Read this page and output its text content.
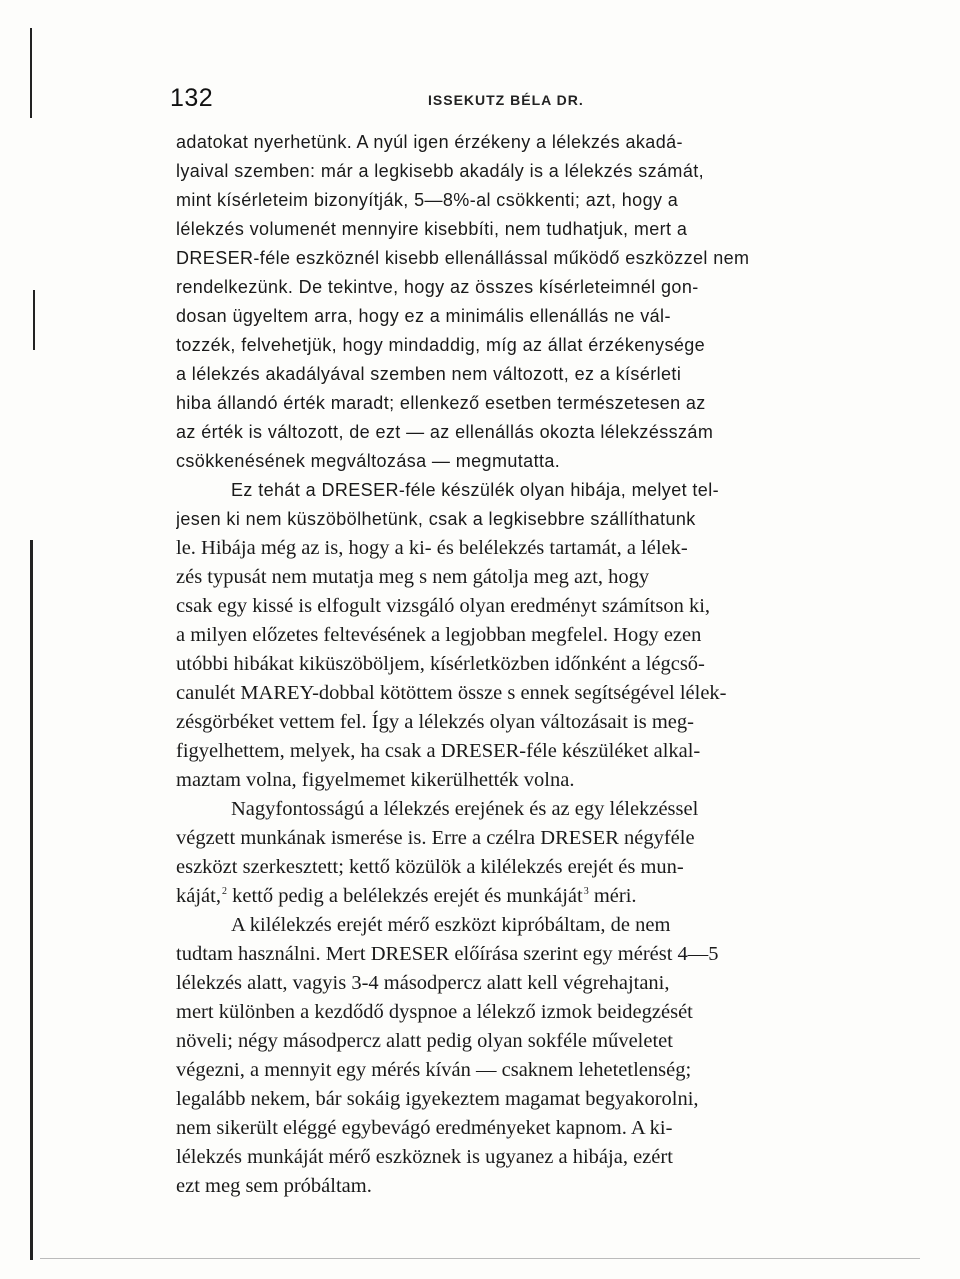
132	ISSEKUTZ BÉLA DR.
adatokat nyerhetünk. A nyúl igen érzékeny a lélekzés akadá-
lyaival szemben: már a legkisebb akadály is a lélekzés számát,
mint kísérleteim bizonyítják, 5—8%-al csökkenti; azt, hogy a
lélekzés volumenét mennyire kisebbíti, nem tudhatjuk, mert a
DRESER-féle eszköznél kisebb ellenállással működő eszközzel nem
rendelkezünk. De tekintve, hogy az összes kísérleteimnél gon-
dosan ügyeltem arra, hogy ez a minimális ellenállás ne vál-
tozzék, felvehetjük, hogy mindaddig, míg az állat érzékenysége
a lélekzés akadályával szemben nem változott, ez a kísérleti
hiba állandó érték maradt; ellenkező esetben természetesen az
az érték is változott, de ezt — az ellenállás okozta lélekzésszám
csökkenésének megváltozása — megmutatta.
Ez tehát a DRESER-féle készülék olyan hibája, melyet tel-
jesen ki nem küszöbölhetünk, csak a legkisebbre szállíthatunk
le. Hibája még az is, hogy a ki- és belélekzés tartamát, a lélek-
zés typusát nem mutatja meg s nem gátolja meg azt, hogy
csak egy kissé is elfogult vizsgáló olyan eredményt számítson ki,
a milyen előzetes feltevésének a legjobban megfelel. Hogy ezen
utóbbi hibákat kiküszöböljem, kísérletközben időnként a légcső-
canulét MAREY-dobbal kötöttem össze s ennek segítségével lélek-
zésgörbéket vettem fel. Így a lélekzés olyan változásait is meg-
figyelhettem, melyek, ha csak a DRESER-féle készüléket alkal-
maztam volna, figyelmemet kikerülhették volna.
Nagyfontosságú a lélekzés erejének és az egy lélekzéssel
végzett munkának ismerése is. Erre a czélra DRESER négyféle
eszközt szerkesztett; kettő közülök a kilélekzés erejét és mun-
káját,2 kettő pedig a belélekzés erejét és munkáját3 méri.
A kilélekzés erejét mérő eszközt kipróbáltam, de nem
tudtam használni. Mert DRESER előírása szerint egy mérést 4—5
lélekzés alatt, vagyis 3-4 másodpercz alatt kell végrehajtani,
mert különben a kezdődő dyspnoe a lélekző izmok beidegzését
növeli; négy másodpercz alatt pedig olyan sokféle műveletet
végezni, a mennyit egy mérés kíván — csaknem lehetetlenség;
legalább nekem, bár sokáig igyekeztem magamat begyakorolni,
nem sikerült eléggé egybevágó eredményeket kapnom. A ki-
lélekzés munkáját mérő eszköznek is ugyanez a hibája, ezért
ezt meg sem próbáltam.
